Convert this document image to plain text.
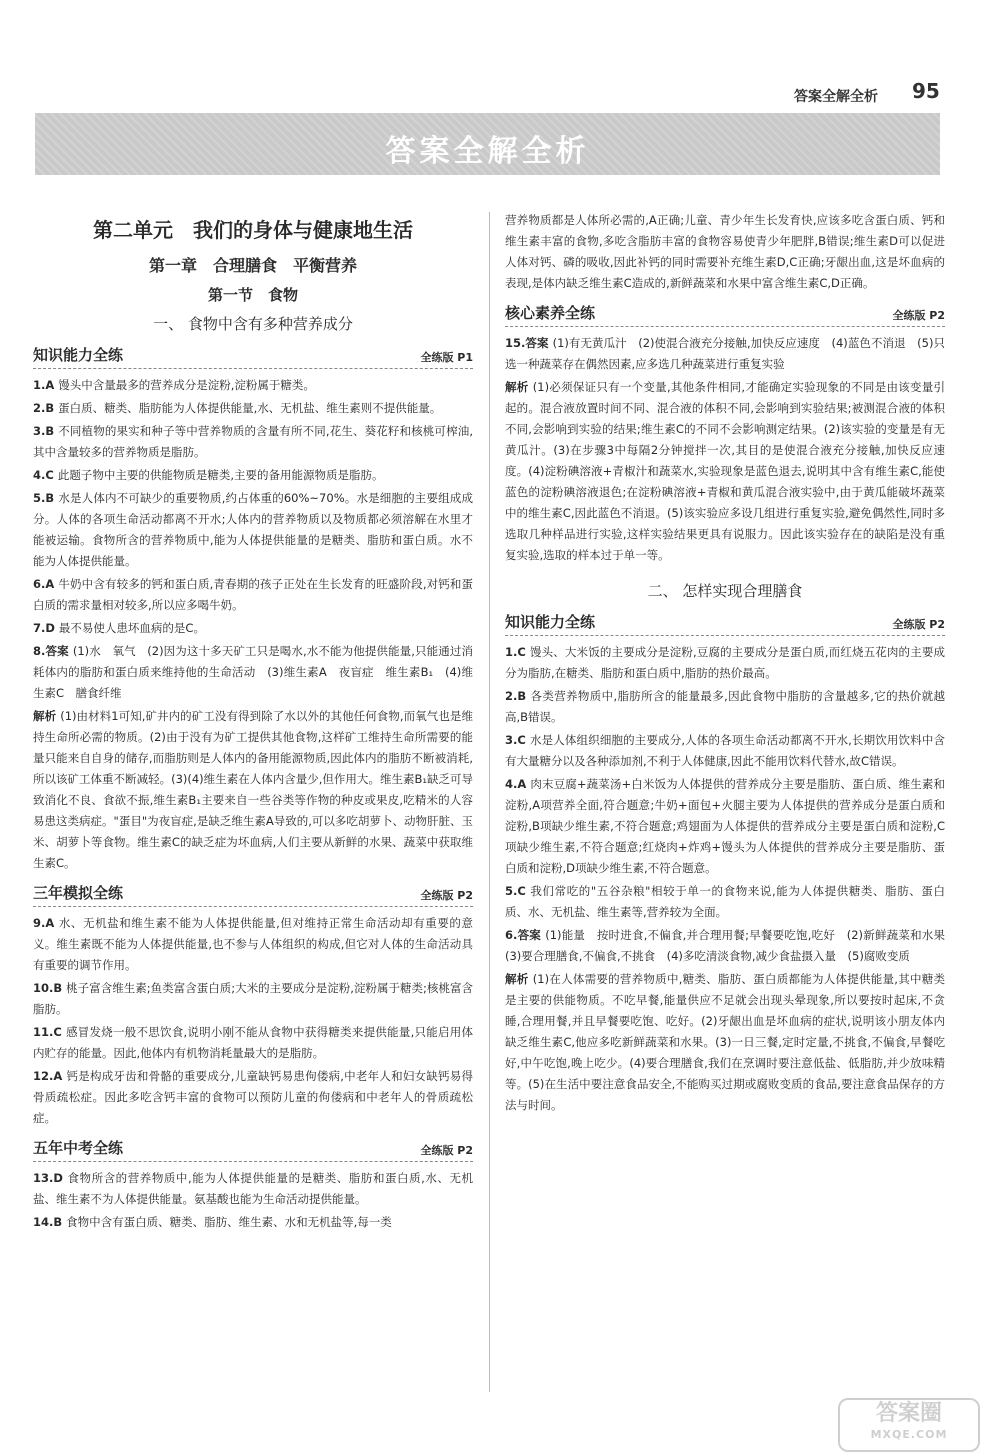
答案全解全析 95
答案全解全析
第二单元　我们的身体与健康地生活
第一章　合理膳食　平衡营养
第一节　食物
一、 食物中含有多种营养成分
知识能力全练	全练版 P1

1.A 馒头中含量最多的营养成分是淀粉,淀粉属于糖类。

2.B 蛋白质、糖类、脂肪能为人体提供能量,水、无机盐、维生素则不提供能量。

3.B 不同植物的果实和种子等中营养物质的含量有所不同,花生、葵花籽和核桃可榨油,其中含量较多的营养物质是脂肪。

4.C 此题子物中主要的供能物质是糖类,主要的备用能源物质是脂肪。

5.B 水是人体内不可缺少的重要物质,约占体重的60%~70%。水是细胞的主要组成成分。人体的各项生命活动都离不开水;人体内的营养物质以及物质都必须溶解在水里才能被运输。食物所含的营养物质中,能为人体提供能量的是糖类、脂肪和蛋白质。水不能为人体提供能量。

6.A 牛奶中含有较多的钙和蛋白质,青春期的孩子正处在生长发育的旺盛阶段,对钙和蛋白质的需求量相对较多,所以应多喝牛奶。

7.D 最不易使人患坏血病的是C。

8.答案 (1)水　氧气　(2)因为这十多天矿工只是喝水,水不能为他提供能量,只能通过消耗体内的脂肪和蛋白质来维持他的生命活动　(3)维生素A　夜盲症　维生素B₁　(4)维生素C　膳食纤维

解析 (1)由材料1可知,矿井内的矿工没有得到除了水以外的其他任何食物,而氧气也是维持生命所必需的物质。(2)由于没有为矿工提供其他食物,这样矿工维持生命所需要的能量只能来自自身的储存,而脂肪则是人体内的备用能源物质,因此体内的脂肪不断被消耗,所以该矿工体重不断减轻。(3)(4)维生素在人体内含量少,但作用大。维生素B₁缺乏可导致消化不良、食欲不振,维生素B₁主要来自一些谷类等作物的种皮或果皮,吃精米的人容易患这类病症。"蛋目"为夜盲症,是缺乏维生素A导致的,可以多吃胡萝卜、动物肝脏、玉米、胡萝卜等食物。维生素C的缺乏症为坏血病,人们主要从新鲜的水果、蔬菜中获取维生素C。

三年模拟全练	全练版 P2

9.A 水、无机盐和维生素不能为人体提供能量,但对维持正常生命活动却有重要的意义。维生素既不能为人体提供能量,也不参与人体组织的构成,但它对人体的生命活动具有重要的调节作用。

10.B 桃子富含维生素;鱼类富含蛋白质;大米的主要成分是淀粉,淀粉属于糖类;核桃富含脂肪。

11.C 感冒发烧一般不思饮食,说明小刚不能从食物中获得糖类来提供能量,只能启用体内贮存的能量。因此,他体内有机物消耗量最大的是脂肪。

12.A 钙是构成牙齿和骨骼的重要成分,儿童缺钙易患佝偻病,中老年人和妇女缺钙易得骨质疏松症。因此多吃含钙丰富的食物可以预防儿童的佝偻病和中老年人的骨质疏松症。

五年中考全练	全练版 P2

13.D 食物所含的营养物质中,能为人体提供能量的是糖类、脂肪和蛋白质,水、无机盐、维生素不为人体提供能量。氨基酸也能为生命活动提供能量。

14.B 食物中含有蛋白质、糖类、脂肪、维生素、水和无机盐等,每一类

营养物质都是人体所必需的,A正确;儿童、青少年生长发育快,应该多吃含蛋白质、钙和维生素丰富的食物,多吃含脂肪丰富的食物容易使青少年肥胖,B错误;维生素D可以促进人体对钙、磷的吸收,因此补钙的同时需要补充维生素D,C正确;牙龈出血,这是坏血病的表现,是体内缺乏维生素C造成的,新鲜蔬菜和水果中富含维生素C,D正确。

核心素养全练	全练版 P2

15.答案 (1)有无黄瓜汁　(2)使混合液充分接触,加快反应速度　(4)蓝色不消退　(5)只选一种蔬菜存在偶然因素,应多选几种蔬菜进行重复实验

解析 (1)必须保证只有一个变量,其他条件相同,才能确定实验现象的不同是由该变量引起的。混合液放置时间不同、混合液的体积不同,会影响到实验结果;被测混合液的体积不同,会影响到实验的结果;维生素C的不同不会影响测定结果。(2)该实验的变量是有无黄瓜汁。(3)在步骤3中每隔2分钟搅拌一次,其目的是使混合液充分接触,加快反应速度。(4)淀粉碘溶液+青椒汁和蔬菜水,实验现象是蓝色退去,说明其中含有维生素C,能使蓝色的淀粉碘溶液退色;在淀粉碘溶液+青椒和黄瓜混合液实验中,由于黄瓜能破坏蔬菜中的维生素C,因此蓝色不消退。(5)该实验应多设几组进行重复实验,避免偶然性,同时多选取几种样品进行实验,这样实验结果更具有说服力。因此该实验存在的缺陷是没有重复实验,选取的样本过于单一等。

二、 怎样实现合理膳食
知识能力全练	全练版 P2

1.C 馒头、大米饭的主要成分是淀粉,豆腐的主要成分是蛋白质,而红烧五花肉的主要成分为脂肪,在糖类、脂肪和蛋白质中,脂肪的热价最高。

2.B 各类营养物质中,脂肪所含的能量最多,因此食物中脂肪的含量越多,它的热价就越高,B错误。

3.C 水是人体组织细胞的主要成分,人体的各项生命活动都离不开水,长期饮用饮料中含有大量糖分以及各种添加剂,不利于人体健康,因此不能用饮料代替水,故C错误。

4.A 肉末豆腐+蔬菜汤+白米饭为人体提供的营养成分主要是脂肪、蛋白质、维生素和淀粉,A项营养全面,符合题意;牛奶+面包+火腿主要为人体提供的营养成分是蛋白质和淀粉,B项缺少维生素,不符合题意;鸡翅面为人体提供的营养成分主要是蛋白质和淀粉,C项缺少维生素,不符合题意;红烧肉+炸鸡+馒头为人体提供的营养成分主要是脂肪、蛋白质和淀粉,D项缺少维生素,不符合题意。

5.C 我们常吃的"五谷杂粮"相较于单一的食物来说,能为人体提供糖类、脂肪、蛋白质、水、无机盐、维生素等,营养较为全面。

6.答案 (1)能量　按时进食,不偏食,并合理用餐;早餐要吃饱,吃好　(2)新鲜蔬菜和水果　(3)要合理膳食,不偏食,不挑食　(4)多吃清淡食物,减少食盐摄入量　(5)腐败变质

解析 (1)在人体需要的营养物质中,糖类、脂肪、蛋白质都能为人体提供能量,其中糖类是主要的供能物质。不吃早餐,能量供应不足就会出现头晕现象,所以要按时起床,不贪睡,合理用餐,并且早餐要吃饱、吃好。(2)牙龈出血是坏血病的症状,说明该小朋友体内缺乏维生素C,他应多吃新鲜蔬菜和水果。(3)一日三餐,定时定量,不挑食,不偏食,早餐吃好,中午吃饱,晚上吃少。(4)要合理膳食,我们在烹调时要注意低盐、低脂肪,并少放味精等。(5)在生活中要注意食品安全,不能购买过期或腐败变质的食品,要注意食品保存的方法与时间。

答案圈
MXQE.COM
